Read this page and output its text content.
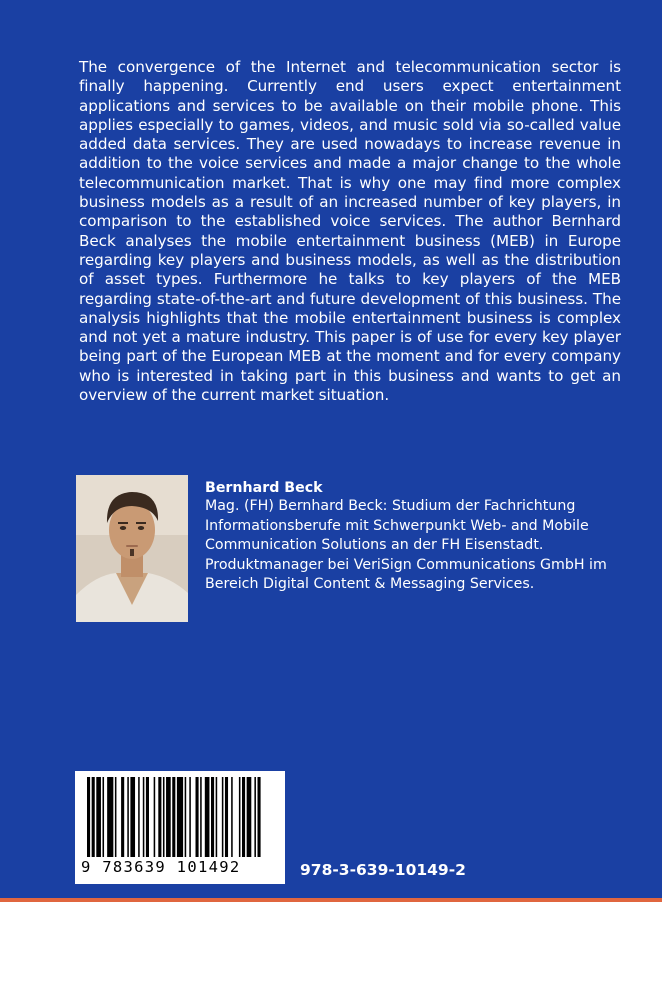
The convergence of the Internet and telecommunication sector is finally happening. Currently end users expect entertainment applications and services to be available on their mobile phone. This applies especially to games, videos, and music sold via so-called value added data services. They are used nowadays to increase revenue in addition to the voice services and made a major change to the whole telecommunication market. That is why one may find more complex business models as a result of an increased number of key players, in comparison to the established voice services. The author Bernhard Beck analyses the mobile entertainment business (MEB) in Europe regarding key players and business models, as well as the distribution of asset types. Furthermore he talks to key players of the MEB regarding state-of-the-art and future development of this business. The analysis highlights that the mobile entertainment business is complex and not yet a mature industry. This paper is of use for every key player being part of the European MEB at the moment and for every company who is interested in taking part in this business and wants to get an overview of the current market situation.

Bernhard Beck

Mag. (FH) Bernhard Beck: Studium der Fachrichtung Informationsberufe mit Schwerpunkt Web- and Mobile Communication Solutions an der FH Eisenstadt. Produktmanager bei VeriSign Communications GmbH im Bereich Digital Content & Messaging Services.

9 783639 101492	978-3-639-10149-2
